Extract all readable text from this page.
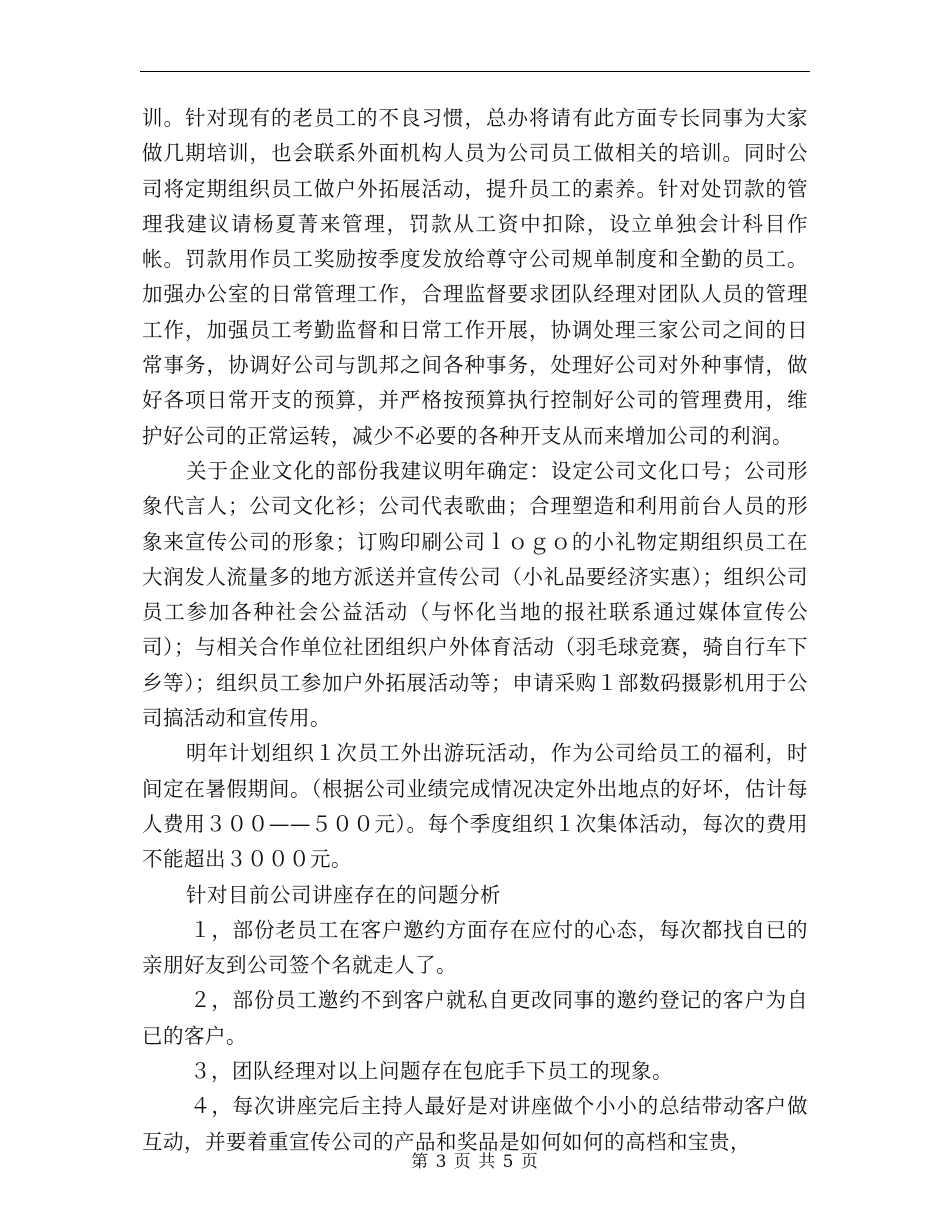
训。针对现有的老员工的不良习惯，总办将请有此方面专长同事为大家做几期培训，也会联系外面机构人员为公司员工做相关的培训。同时公司将定期组织员工做户外拓展活动，提升员工的素养。针对处罚款的管理我建议请杨夏菁来管理，罚款从工资中扣除，设立单独会计科目作帐。罚款用作员工奖励按季度发放给尊守公司规单制度和全勤的员工。加强办公室的日常管理工作，合理监督要求团队经理对团队人员的管理工作，加强员工考勤监督和日常工作开展，协调处理三家公司之间的日常事务，协调好公司与凯邦之间各种事务，处理好公司对外种事情，做好各项日常开支的预算，并严格按预算执行控制好公司的管理费用，维护好公司的正常运转，减少不必要的各种开支从而来增加公司的利润。

关于企业文化的部份我建议明年确定：设定公司文化口号；公司形象代言人；公司文化衫；公司代表歌曲；合理塑造和利用前台人员的形象来宣传公司的形象；订购印刷公司ｌｏｇｏ的小礼物定期组织员工在大润发人流量多的地方派送并宣传公司（小礼品要经济实惠）；组织公司员工参加各种社会公益活动（与怀化当地的报社联系通过媒体宣传公司）；与相关合作单位社团组织户外体育活动（羽毛球竞赛，骑自行车下乡等）；组织员工参加户外拓展活动等；申请采购１部数码摄影机用于公司搞活动和宣传用。

明年计划组织１次员工外出游玩活动，作为公司给员工的福利，时间定在暑假期间。（根据公司业绩完成情况决定外出地点的好坏，估计每人费用３００——５００元）。每个季度组织１次集体活动，每次的费用不能超出３０００元。

针对目前公司讲座存在的问题分析

１，部份老员工在客户邀约方面存在应付的心态，每次都找自已的亲朋好友到公司签个名就走人了。

２，部份员工邀约不到客户就私自更改同事的邀约登记的客户为自已的客户。

３，团队经理对以上问题存在包庇手下员工的现象。

４，每次讲座完后主持人最好是对讲座做个小小的总结带动客户做互动，并要着重宣传公司的产品和奖品是如何如何的高档和宝贵，

第 3 页 共 5 页
